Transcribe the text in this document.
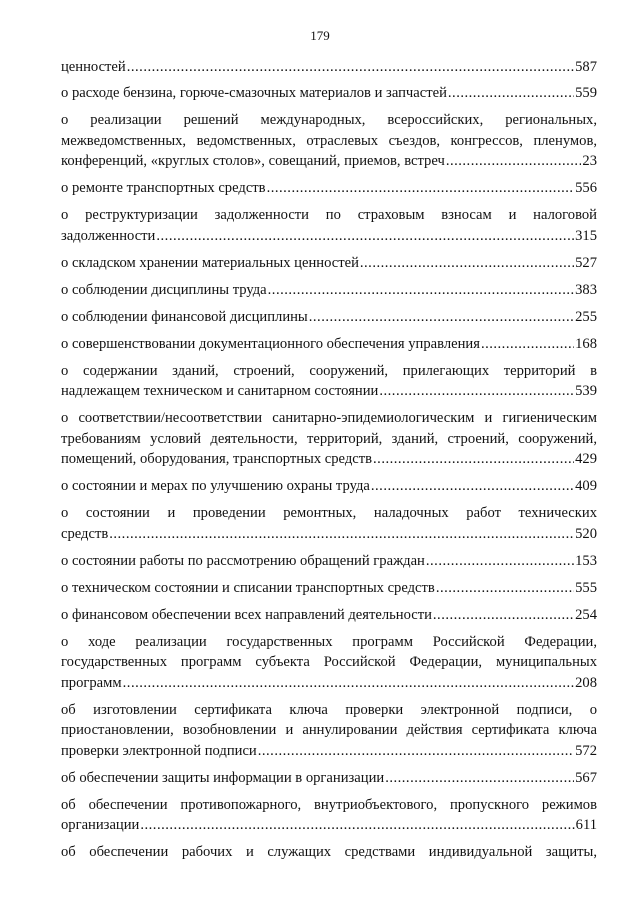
179
ценностей .....	587
о расходе бензина, горюче-смазочных материалов и запчастей .....	559
о реализации решений международных, всероссийских, региональных,
межведомственных, ведомственных, отраслевых съездов, конгрессов, пленумов,
конференций, «круглых столов», совещаний, приемов, встреч .....	23
о ремонте транспортных средств .....	556
о реструктуризации задолженности по страховым взносам и налоговой
задолженности .....	315
о складском хранении материальных ценностей .....	527
о соблюдении дисциплины труда .....	383
о соблюдении финансовой дисциплины .....	255
о совершенствовании документационного обеспечения управления .....	168
о содержании зданий, строений, сооружений, прилегающих территорий в
надлежащем техническом и санитарном состоянии .....	539
о соответствии/несоответствии санитарно-эпидемиологическим и гигиеническим
требованиям условий деятельности, территорий, зданий, строений, сооружений,
помещений, оборудования, транспортных средств .....	429
о состоянии и мерах по улучшению охраны труда .....	409
о состоянии и проведении ремонтных, наладочных работ технических
средств .....	520
о состоянии работы по рассмотрению обращений граждан .....	153
о техническом состоянии и списании транспортных средств .....	555
о финансовом обеспечении всех направлений деятельности .....	254
о ходе реализации государственных программ Российской Федерации,
государственных программ субъекта Российской Федерации, муниципальных
программ .....	208
об изготовлении сертификата ключа проверки электронной подписи, о
приостановлении, возобновлении и аннулировании действия сертификата ключа
проверки электронной подписи .....	572
об обеспечении защиты информации в организации .....	567
об обеспечении противопожарного, внутриобъектового, пропускного режимов
организации .....	611
об обеспечении рабочих и служащих средствами индивидуальной защиты,
